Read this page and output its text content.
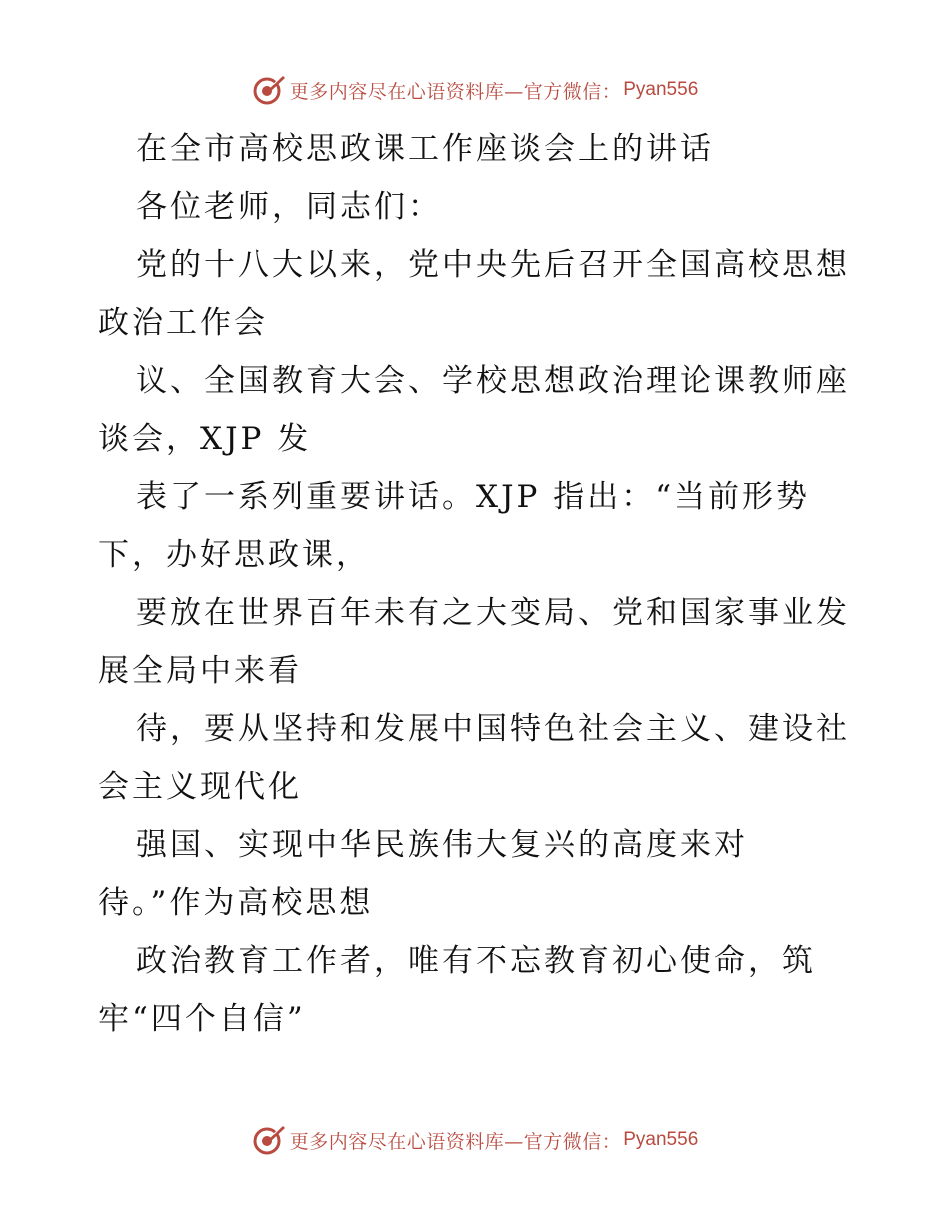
更多内容尽在心语资料库—官方微信： Pyan556
在全市高校思政课工作座谈会上的讲话
各位老师，同志们：
党的十八大以来，党中央先后召开全国高校思想
政治工作会
议、全国教育大会、学校思想政治理论课教师座
谈会，XJP 发
表了一系列重要讲话。XJP 指出：“当前形势
下，办好思政课，
要放在世界百年未有之大变局、党和国家事业发
展全局中来看
待，要从坚持和发展中国特色社会主义、建设社
会主义现代化
强国、实现中华民族伟大复兴的高度来对
待。”作为高校思想
政治教育工作者，唯有不忘教育初心使命，筑
牢“四个自信”
更多内容尽在心语资料库—官方微信： Pyan556
